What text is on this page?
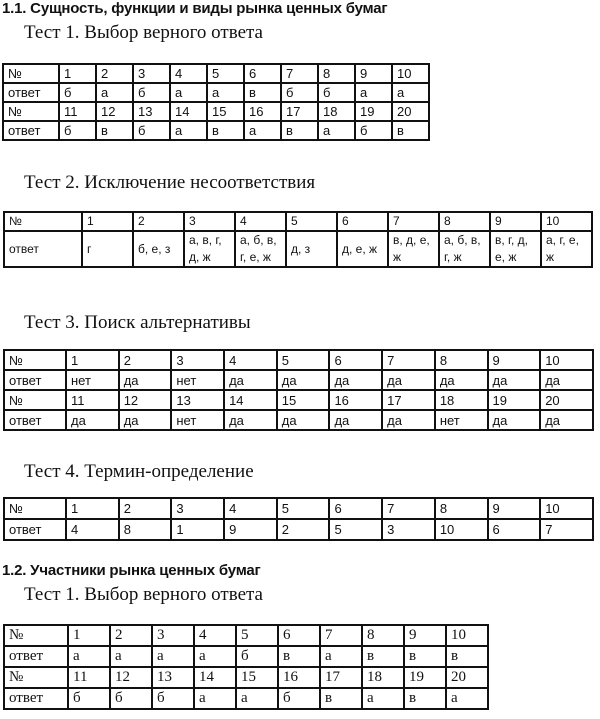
1.1. Сущность, функции и виды рынка ценных бумаг
Тест 1. Выбор верного ответа
№	1	2	3	4	5	6	7	8	9	10
ответ	б	а	б	а	а	в	б	б	а	а
№	11	12	13	14	15	16	17	18	19	20
ответ	б	в	б	а	в	а	в	а	б	в
Тест 2. Исключение несоответствия
№	1	2	3	4	5	6	7	8	9	10
ответ	г	б, е, з	а, в, г, д, ж	а, б, в, г, е, ж	д, з	д, е, ж	в, д, е, ж	а, б, в, г, ж	в, г, д, е, ж	а, г, е, ж
Тест 3. Поиск альтернативы
№	1	2	3	4	5	6	7	8	9	10
ответ	нет	да	нет	да	да	да	да	да	да	да
№	11	12	13	14	15	16	17	18	19	20
ответ	да	да	нет	да	да	да	да	нет	да	да
Тест 4. Термин-определение
№	1	2	3	4	5	6	7	8	9	10
ответ	4	8	1	9	2	5	3	10	6	7
1.2. Участники рынка ценных бумаг
Тест 1. Выбор верного ответа
№	1	2	3	4	5	6	7	8	9	10
ответ	а	а	а	а	б	в	а	в	в	в
№	11	12	13	14	15	16	17	18	19	20
ответ	б	б	б	а	а	б	в	а	в	а
